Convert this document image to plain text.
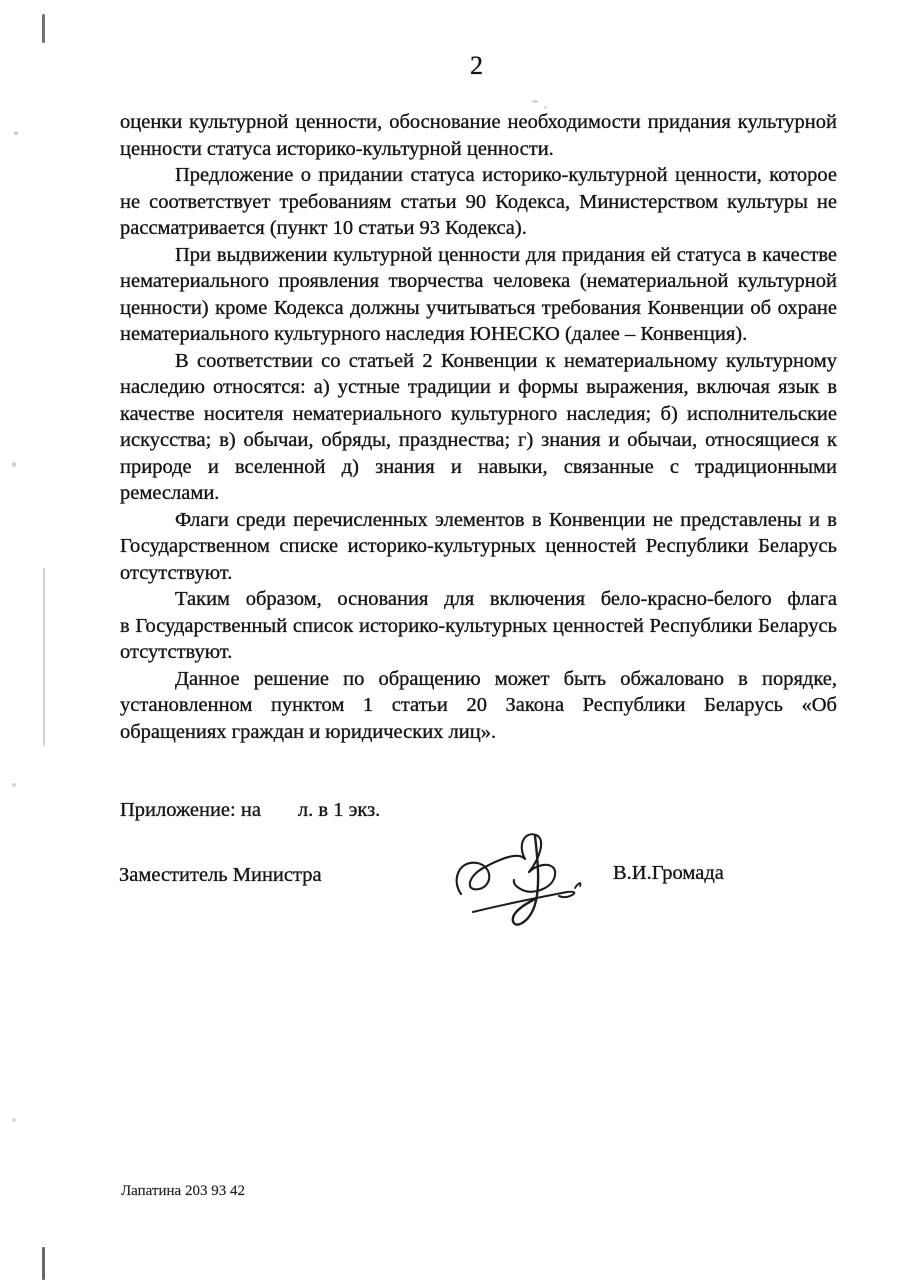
2

оценки культурной ценности, обоснование необходимости придания культурной ценности статуса историко-культурной ценности.

Предложение о придании статуса историко-культурной ценности, которое не соответствует требованиям статьи 90 Кодекса, Министерством культуры не рассматривается (пункт 10 статьи 93 Кодекса).

При выдвижении культурной ценности для придания ей статуса в качестве нематериального проявления творчества человека (нематериальной культурной ценности) кроме Кодекса должны учитываться требования Конвенции об охране нематериального культурного наследия ЮНЕСКО (далее – Конвенция).

В соответствии со статьей 2 Конвенции к нематериальному культурному наследию относятся: а) устные традиции и формы выражения, включая язык в качестве носителя нематериального культурного наследия; б) исполнительские искусства; в) обычаи, обряды, празднества; г) знания и обычаи, относящиеся к природе и вселенной д) знания и навыки, связанные с традиционными ремеслами.

Флаги среди перечисленных элементов в Конвенции не представлены и в Государственном списке историко-культурных ценностей Республики Беларусь отсутствуют.

Таким образом, основания для включения бело-красно-белого флага в Государственный список историко-культурных ценностей Республики Беларусь отсутствуют.

Данное решение по обращению может быть обжаловано в порядке, установленном пунктом 1 статьи 20 Закона Республики Беларусь «Об обращениях граждан и юридических лиц».

Приложение: на л. в 1 экз.
Заместитель Министра	В.И.Громада
Лапатина 203 93 42
